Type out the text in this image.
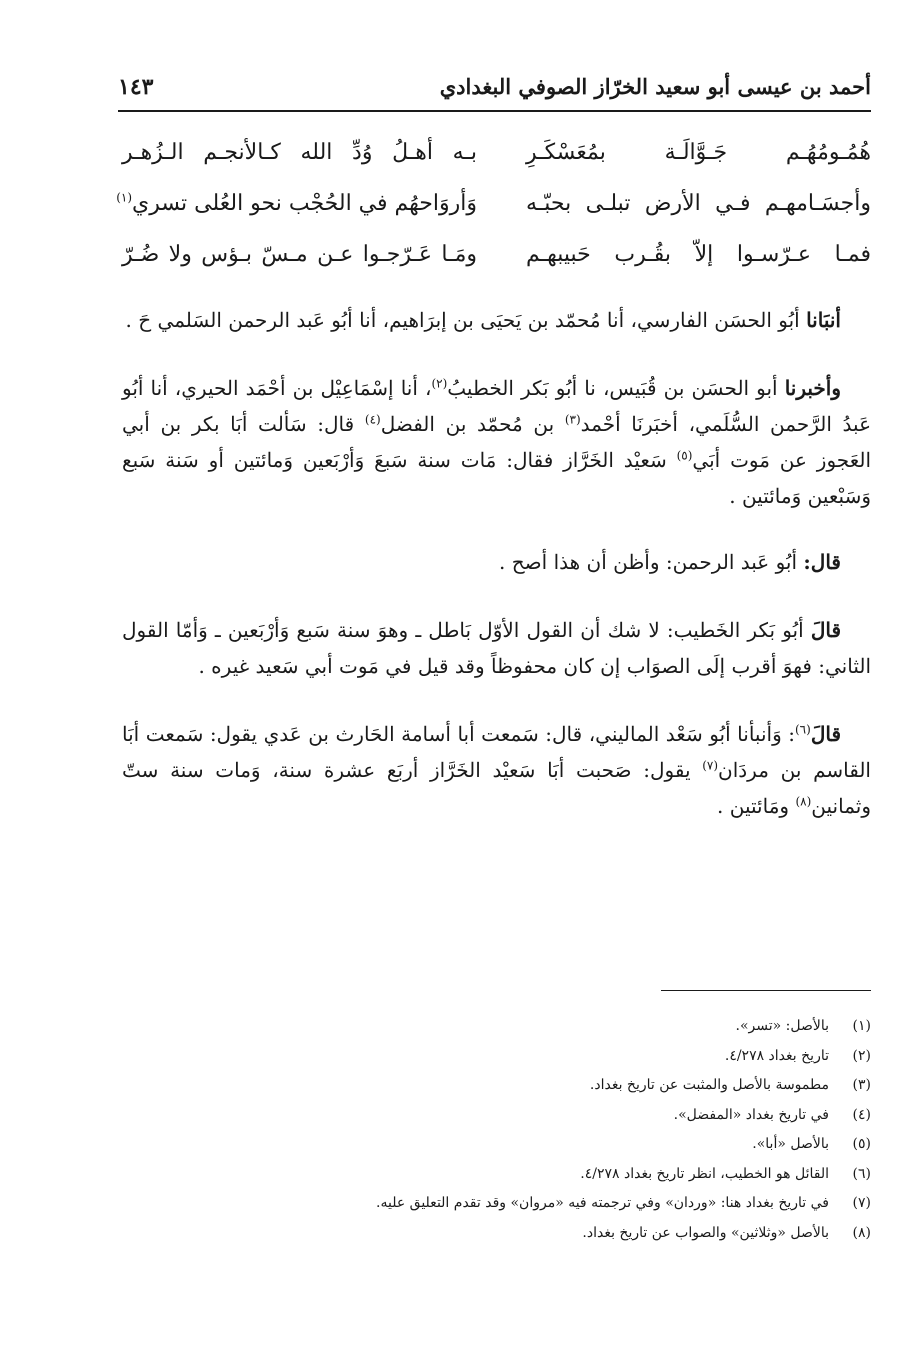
أحمد بن عيسى أبو سعيد الخرّاز الصوفي البغدادي
١٤٣
هُمُـومُهُـم جَـوَّالَـة بمُعَسْكَـرِ
بـه أهـلُ وُدِّ الله كـالأنجـم الـزُهـر
وأجسَـامهـم فـي الأرض تبلـى بحبّـه
وَأروَاحهُم في الحُجْب نحو العُلى تسري$^{(١)}$
فمـا عـرّسـوا إلاّ بقُـرب حَبيبهـم
ومَـا عَـرّجـوا عـن مـسّ بـؤس ولا ضُـرّ

أنبَانا أبُو الحسَن الفارسي، أنا مُحمّد بن يَحيَى بن إبرَاهيم، أنا أبُو عَبد الرحمن السَلمي حَ .

وأخبرنا أبو الحسَن بن قُبَيس، نا أبُو بَكر الخطيبُ$^{(٢)}$، أنا إسْمَاعِيْل بن أحْمَد الحيري، أنا أبُو عَبدُ الرَّحمن السُّلَمي، أخبَرنَا أحْمد$^{(٣)}$ بن مُحمّد بن الفضل$^{(٤)}$ قال: سَألت أبَا بكر بن أبي العَجوز عن مَوت أبَي$^{(٥)}$ سَعيْد الخَرَّاز فقال: مَات سنة سَبعَ وَأرْبَعين وَمائتين أو سَنة سَبع وَسَبْعين وَمائتين .

قال: أبُو عَبد الرحمن: وأظن أن هذا أصح .

قالَ أبُو بَكر الخَطيب: لا شك أن القول الأوّل بَاطل ـ وهوَ سنة سَبع وَأرْبَعين ـ وَأمّا القول الثاني: فهوَ أقرب إلَى الصوَاب إن كان محفوظاً وقد قيل في مَوت أبي سَعيد غيره .

قالَ$^{(٦)}$: وَأنبأنا أبُو سَعْد الماليني، قال: سَمعت أبا أسامة الحَارث بن عَدي يقول: سَمعت أبَا القاسم بن مردَان$^{(٧)}$ يقول: صَحبت أبَا سَعيْد الخَرَّاز أربَع عشرة سنة، وَمات سنة ستّ وثمانين$^{(٨)}$ ومَائتين .

(١)بالأصل: «تسر».
(٢)تاريخ بغداد ٤/٢٧٨.
(٣)مطموسة بالأصل والمثبت عن تاريخ بغداد.
(٤)في تاريخ بغداد «المفضل».
(٥)بالأصل «أبا».
(٦)القائل هو الخطيب، انظر تاريخ بغداد ٤/٢٧٨.
(٧)في تاريخ بغداد هنا: «وردان» وفي ترجمته فيه «مروان» وقد تقدم التعليق عليه.
(٨)بالأصل «وثلاثين» والصواب عن تاريخ بغداد.
